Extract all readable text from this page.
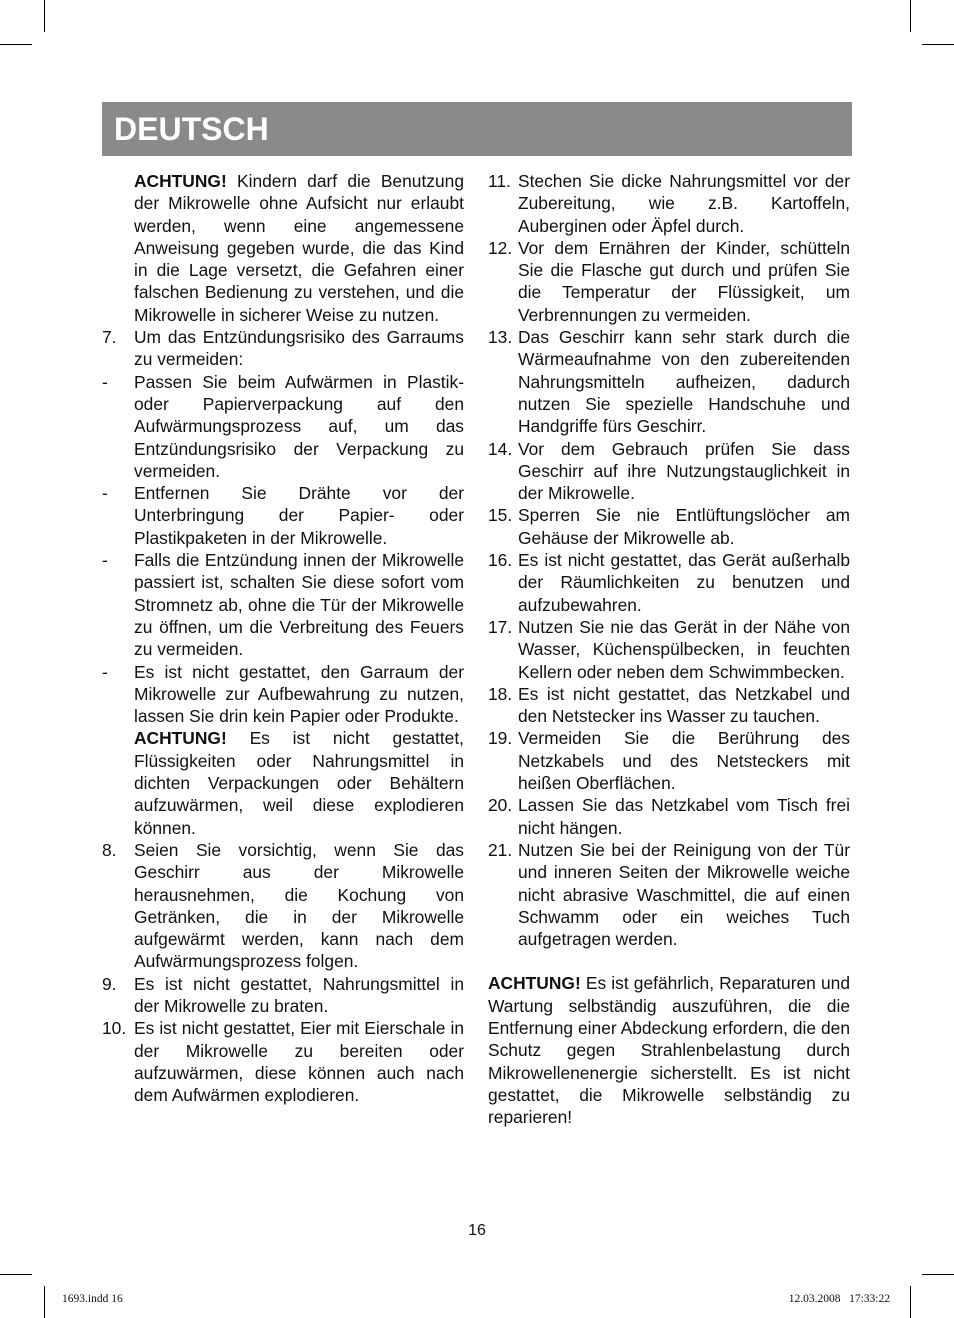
DEUTSCH
ACHTUNG! Kindern darf die Benutzung der Mikrowelle ohne Aufsicht nur erlaubt werden, wenn eine angemessene Anweisung gegeben wurde, die das Kind in die Lage versetzt, die Gefahren einer falschen Bedienung zu verstehen, und die Mikrowelle in sicherer Weise zu nutzen.
7.	Um das Entzündungsrisiko des Garraums zu vermeiden:
-	Passen Sie beim Aufwärmen in Plastik- oder Papierverpackung auf den Aufwärmungsprozess auf, um das Entzündungsrisiko der Verpackung zu vermeiden.
-	Entfernen Sie Drähte vor der Unterbringung der Papier- oder Plastikpaketen in der Mikrowelle.
-	Falls die Entzündung innen der Mikrowelle passiert ist, schalten Sie diese sofort vom Stromnetz ab, ohne die Tür der Mikrowelle zu öffnen, um die Verbreitung des Feuers zu vermeiden.
-	Es ist nicht gestattet, den Garraum der Mikrowelle zur Aufbewahrung zu nutzen, lassen Sie drin kein Papier oder Produkte.
ACHTUNG! Es ist nicht gestattet, Flüssigkeiten oder Nahrungsmittel in dichten Verpackungen oder Behältern aufzuwärmen, weil diese explodieren können.
8.	Seien Sie vorsichtig, wenn Sie das Geschirr aus der Mikrowelle herausnehmen, die Kochung von Getränken, die in der Mikrowelle aufgewärmt werden, kann nach dem Aufwärmungsprozess folgen.
9.	Es ist nicht gestattet, Nahrungsmittel in der Mikrowelle zu braten.
10. Es ist nicht gestattet, Eier mit Eierschale in der Mikrowelle zu bereiten oder aufzuwärmen, diese können auch nach dem Aufwärmen explodieren.
11. Stechen Sie dicke Nahrungsmittel vor der Zubereitung, wie z.B. Kartoffeln, Auberginen oder Äpfel durch.
12. Vor dem Ernähren der Kinder, schütteln Sie die Flasche gut durch und prüfen Sie die Temperatur der Flüssigkeit, um Verbrennungen zu vermeiden.
13. Das Geschirr kann sehr stark durch die Wärmeaufnahme von den zubereitenden Nahrungsmitteln aufheizen, dadurch nutzen Sie spezielle Handschuhe und Handgriffe fürs Geschirr.
14. Vor dem Gebrauch prüfen Sie dass Geschirr auf ihre Nutzungstauglichkeit in der Mikrowelle.
15. Sperren Sie nie Entlüftungslöcher am Gehäuse der Mikrowelle ab.
16. Es ist nicht gestattet, das Gerät außerhalb der Räumlichkeiten zu benutzen und aufzubewahren.
17. Nutzen Sie nie das Gerät in der Nähe von Wasser, Küchenspülbecken, in feuchten Kellern oder neben dem Schwimmbecken.
18. Es ist nicht gestattet, das Netzkabel und den Netstecker ins Wasser zu tauchen.
19. Vermeiden Sie die Berührung des Netzkabels und des Netsteckers mit heißen Oberflächen.
20. Lassen Sie das Netzkabel vom Tisch frei nicht hängen.
21. Nutzen Sie bei der Reinigung von der Tür und inneren Seiten der Mikrowelle weiche nicht abrasive Waschmittel, die auf einen Schwamm oder ein weiches Tuch aufgetragen werden.
ACHTUNG! Es ist gefährlich, Reparaturen und Wartung selbständig auszuführen, die die Entfernung einer Abdeckung erfordern, die den Schutz gegen Strahlenbelastung durch Mikrowellenenergie sicherstellt. Es ist nicht gestattet, die Mikrowelle selbständig zu reparieren!
16
1693.indd 16	12.03.2008   17:33:22
